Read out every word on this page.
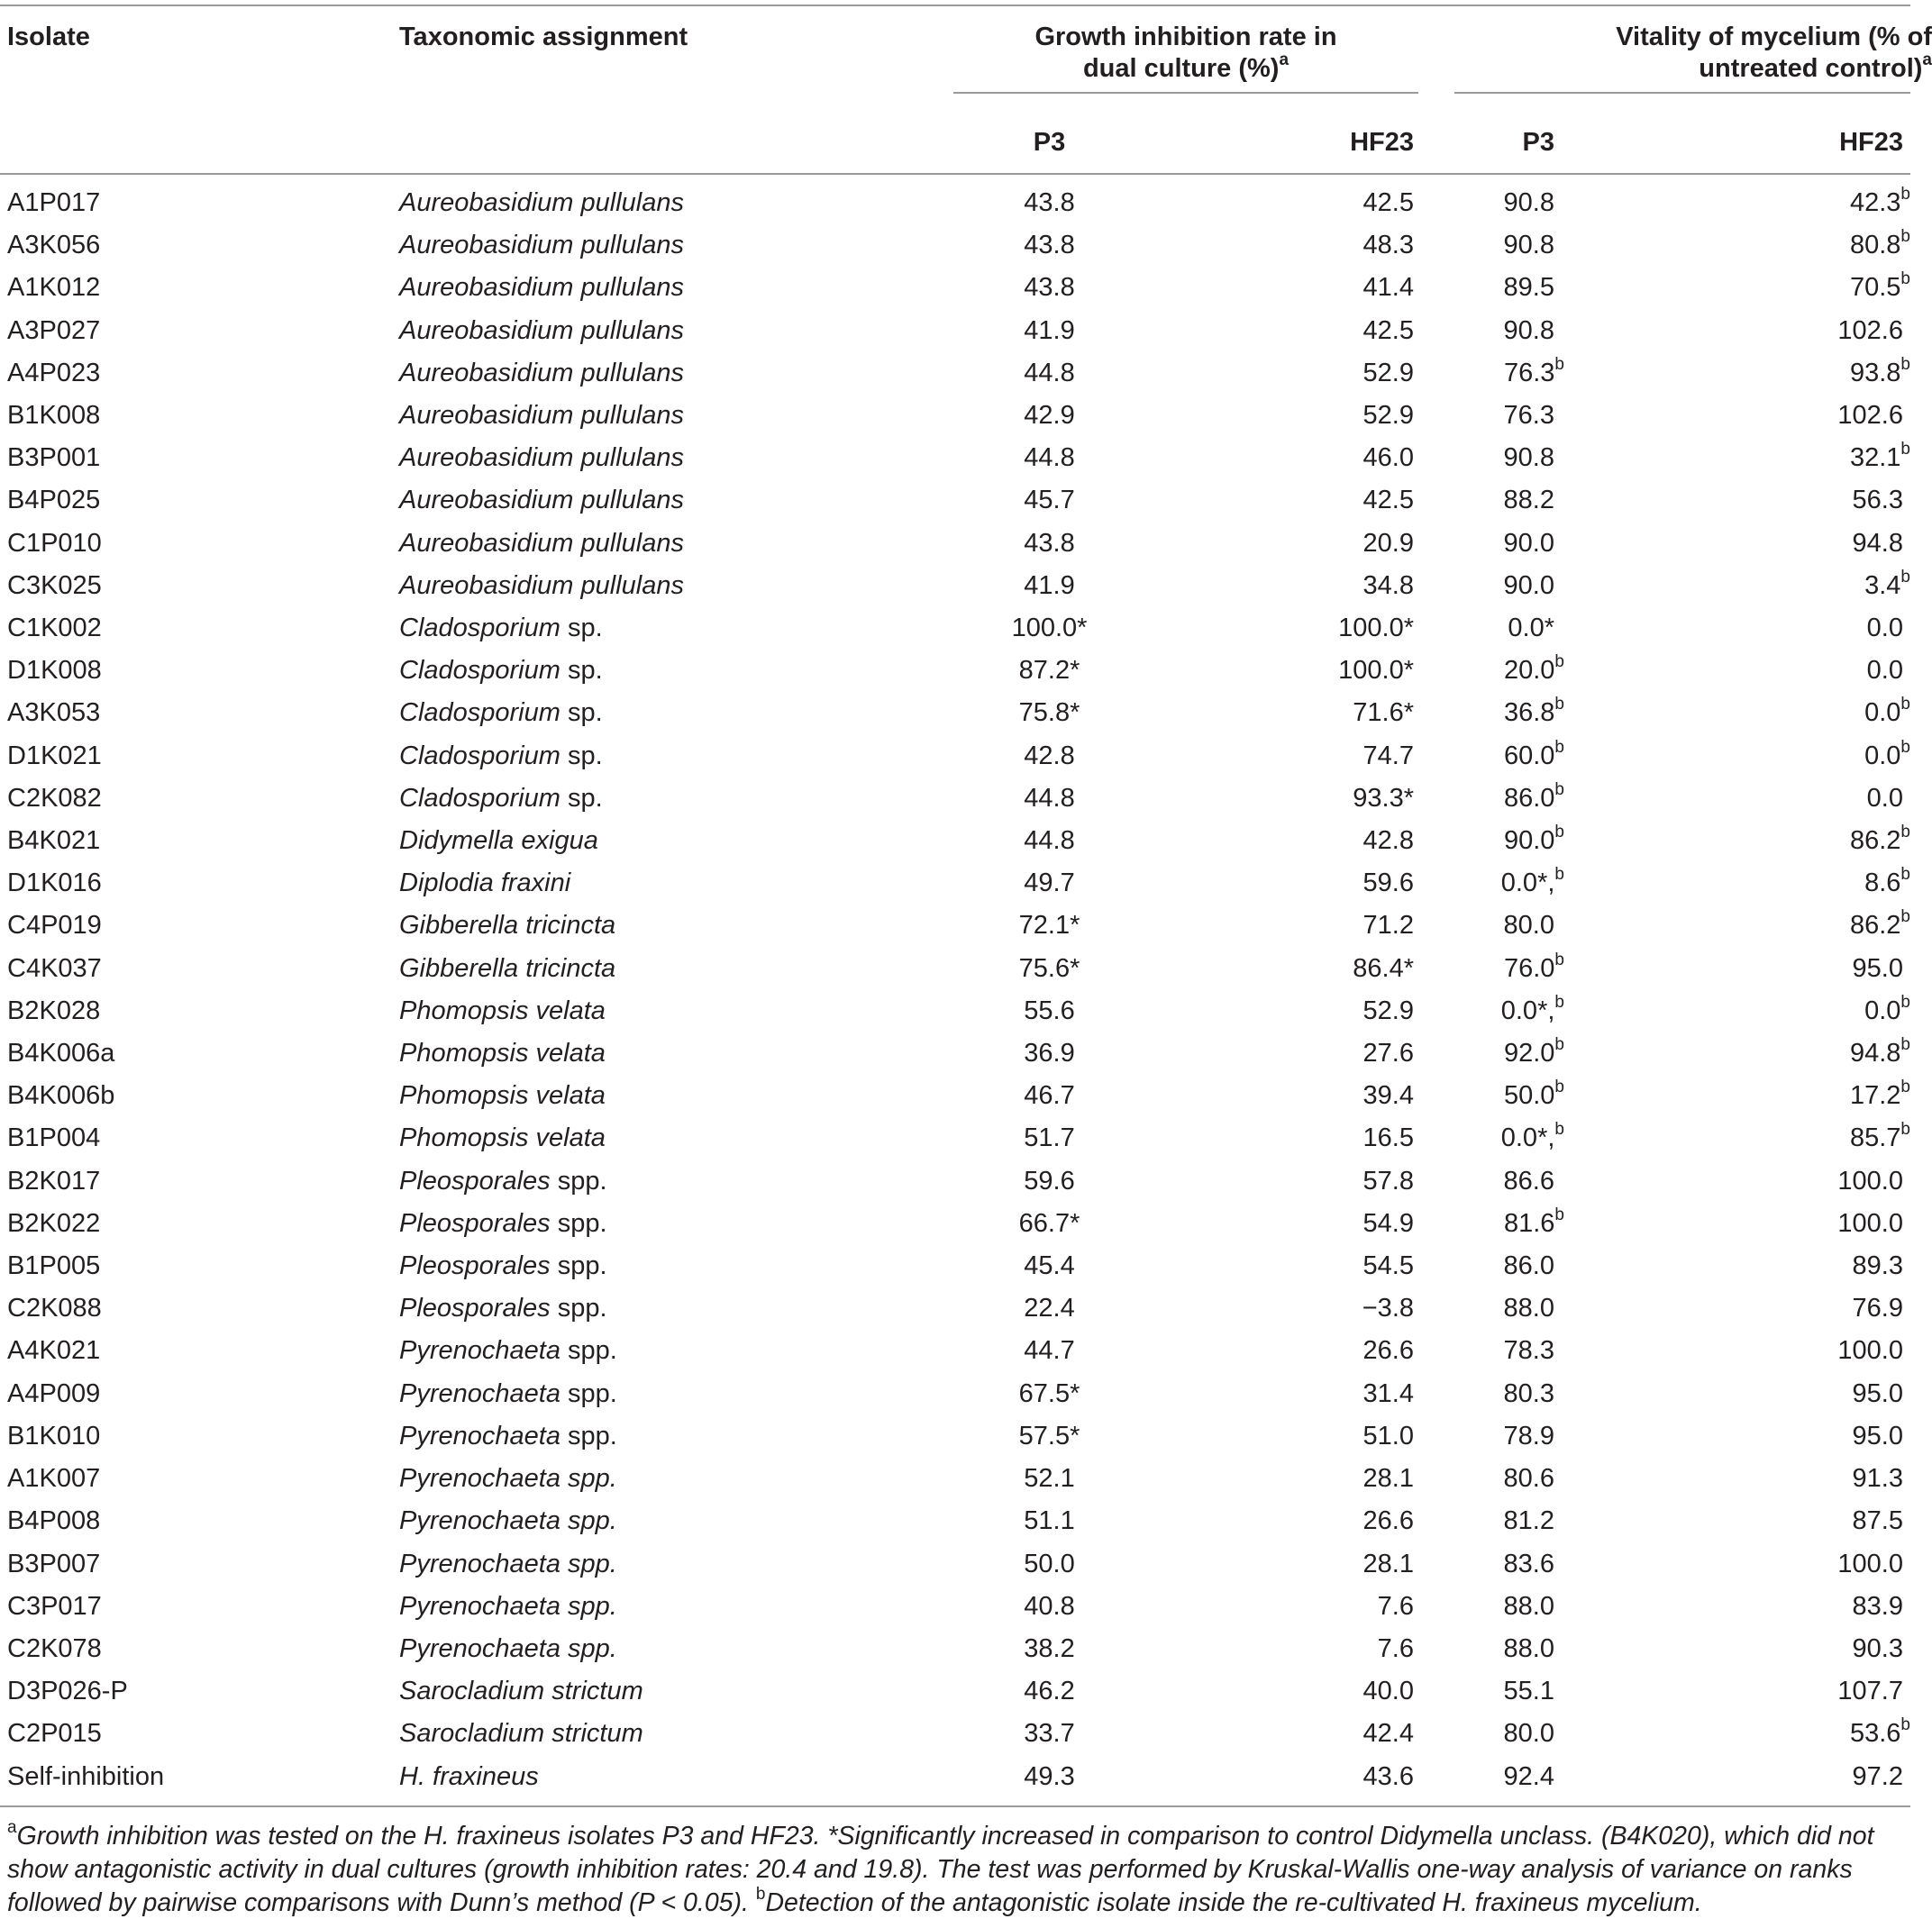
Isolate	Taxonomic assignment	Growth inhibition rate in dual culture (%)$^a$		Vitality of mycelium (% of untreated control)$^a$

		P3	HF23	P3	HF23
A1P017	Aureobasidium pullulans	43.8	42.5	90.8	42.3$^b$
A3K056	Aureobasidium pullulans	43.8	48.3	90.8	80.8$^b$
A1K012	Aureobasidium pullulans	43.8	41.4	89.5	70.5$^b$
A3P027	Aureobasidium pullulans	41.9	42.5	90.8	102.6
A4P023	Aureobasidium pullulans	44.8	52.9	76.3$^b$	93.8$^b$
B1K008	Aureobasidium pullulans	42.9	52.9	76.3	102.6
B3P001	Aureobasidium pullulans	44.8	46.0	90.8	32.1$^b$
B4P025	Aureobasidium pullulans	45.7	42.5	88.2	56.3
C1P010	Aureobasidium pullulans	43.8	20.9	90.0	94.8
C3K025	Aureobasidium pullulans	41.9	34.8	90.0	3.4$^b$
C1K002	Cladosporium sp.	100.0*	100.0*	0.0*	0.0
D1K008	Cladosporium sp.	87.2*	100.0*	20.0$^b$	0.0
A3K053	Cladosporium sp.	75.8*	71.6*	36.8$^b$	0.0$^b$
D1K021	Cladosporium sp.	42.8	74.7	60.0$^b$	0.0$^b$
C2K082	Cladosporium sp.	44.8	93.3*	86.0$^b$	0.0
B4K021	Didymella exigua	44.8	42.8	90.0$^b$	86.2$^b$
D1K016	Diplodia fraxini	49.7	59.6	0.0*,$^b$	8.6$^b$
C4P019	Gibberella tricincta	72.1*	71.2	80.0	86.2$^b$
C4K037	Gibberella tricincta	75.6*	86.4*	76.0$^b$	95.0
B2K028	Phomopsis velata	55.6	52.9	0.0*,$^b$	0.0$^b$
B4K006a	Phomopsis velata	36.9	27.6	92.0$^b$	94.8$^b$
B4K006b	Phomopsis velata	46.7	39.4	50.0$^b$	17.2$^b$
B1P004	Phomopsis velata	51.7	16.5	0.0*,$^b$	85.7$^b$
B2K017	Pleosporales spp.	59.6	57.8	86.6	100.0
B2K022	Pleosporales spp.	66.7*	54.9	81.6$^b$	100.0
B1P005	Pleosporales spp.	45.4	54.5	86.0	89.3
C2K088	Pleosporales spp.	22.4	−3.8	88.0	76.9
A4K021	Pyrenochaeta spp.	44.7	26.6	78.3	100.0
A4P009	Pyrenochaeta spp.	67.5*	31.4	80.3	95.0
B1K010	Pyrenochaeta spp.	57.5*	51.0	78.9	95.0
A1K007	Pyrenochaeta spp.	52.1	28.1	80.6	91.3
B4P008	Pyrenochaeta spp.	51.1	26.6	81.2	87.5
B3P007	Pyrenochaeta spp.	50.0	28.1	83.6	100.0
C3P017	Pyrenochaeta spp.	40.8	7.6	88.0	83.9
C2K078	Pyrenochaeta spp.	38.2	7.6	88.0	90.3
D3P026-P	Sarocladium strictum	46.2	40.0	55.1	107.7
C2P015	Sarocladium strictum	33.7	42.4	80.0	53.6$^b$
Self-inhibition	H. fraxineus	49.3	43.6	92.4	97.2
$^a$Growth inhibition was tested on the H. fraxineus isolates P3 and HF23. *Significantly increased in comparison to control Didymella unclass. (B4K020), which did not show antagonistic activity in dual cultures (growth inhibition rates: 20.4 and 19.8). The test was performed by Kruskal-Wallis one-way analysis of variance on ranks followed by pairwise comparisons with Dunn’s method (P < 0.05). $^b$Detection of the antagonistic isolate inside the re-cultivated H. fraxineus mycelium.
